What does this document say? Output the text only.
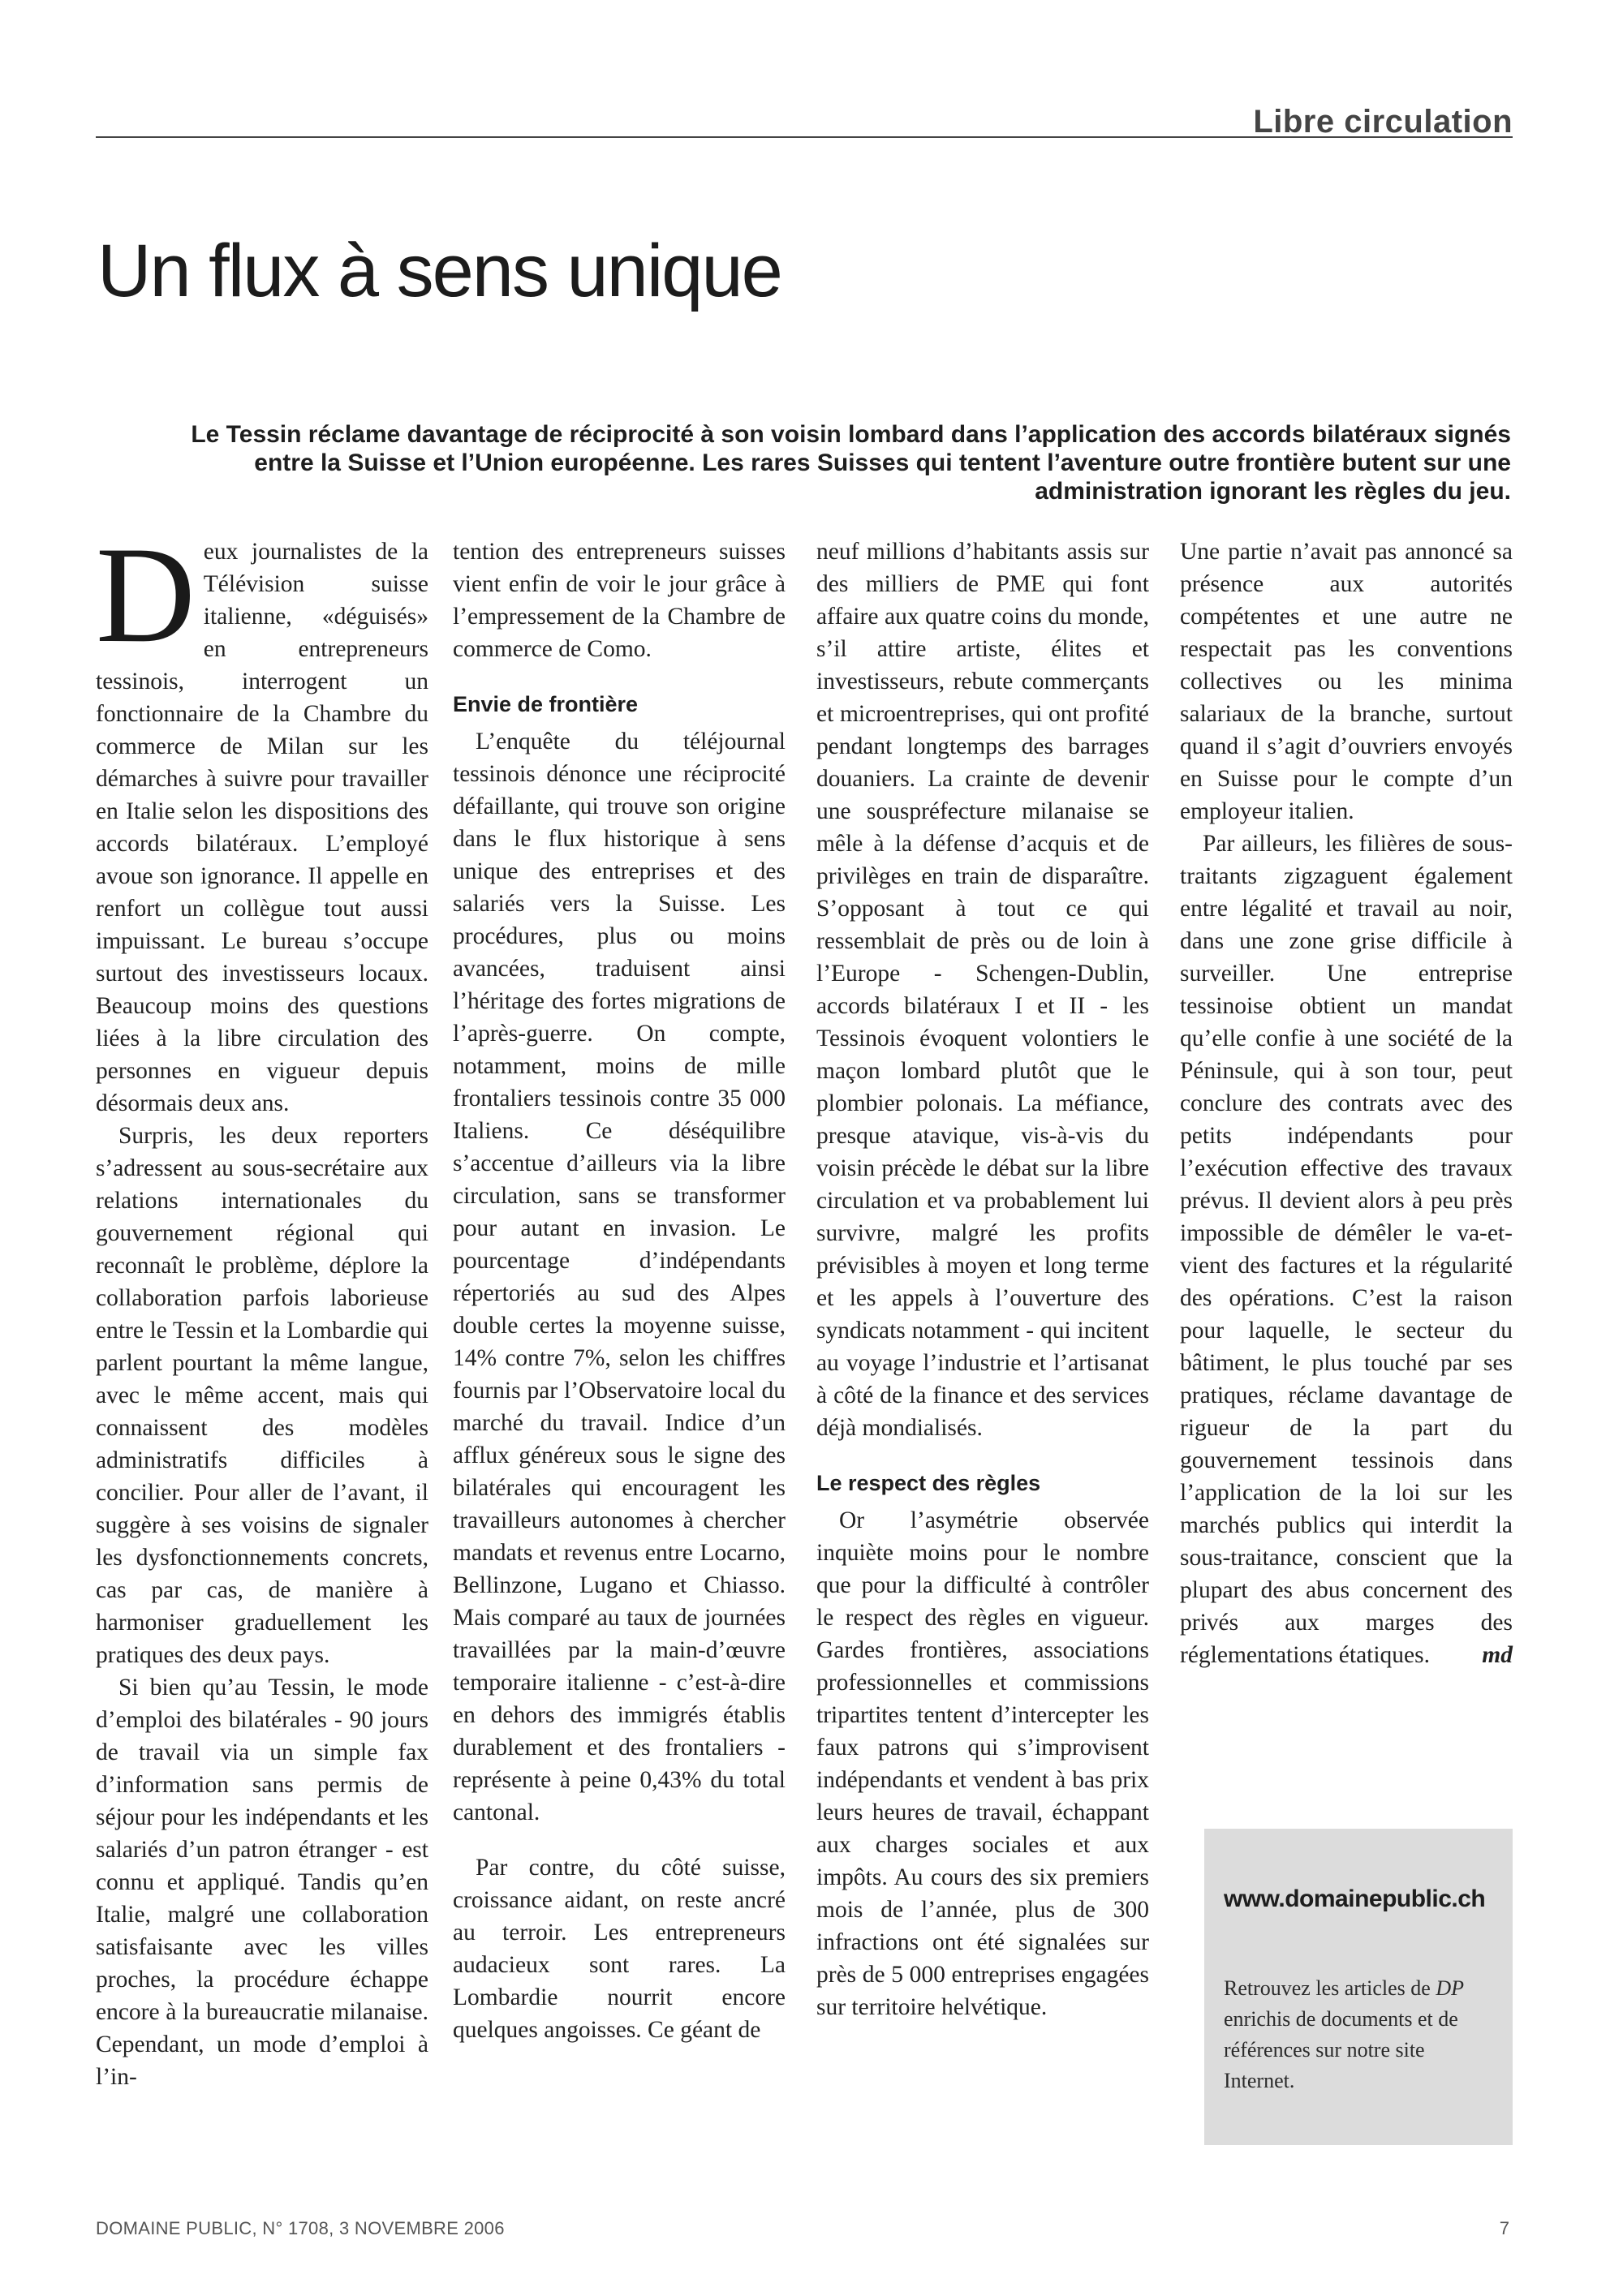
Libre circulation
Un flux à sens unique

Le Tessin réclame davantage de réciprocité à son voisin lombard dans l’application des accords bilatéraux signés entre la Suisse et l’Union européenne. Les rares Suisses qui tentent l’aventure outre frontière butent sur une administration ignorant les règles du jeu.

D eux journalistes de la Télévision suisse italienne, «déguisés» en entrepreneurs tessinois, interrogent un fonctionnaire de la Chambre du commerce de Milan sur les démarches à suivre pour travailler en Italie selon les dispositions des accords bilatéraux. L’employé avoue son ignorance. Il appelle en renfort un collègue tout aussi impuissant. Le bureau s’occupe surtout des investisseurs locaux. Beaucoup moins des questions liées à la libre circulation des personnes en vigueur depuis désormais deux ans.

Surpris, les deux reporters s’adressent au sous-secrétaire aux relations internationales du gouvernement régional qui reconnaît le problème, déplore la collaboration parfois laborieuse entre le Tessin et la Lombardie qui parlent pourtant la même langue, avec le même accent, mais qui connaissent des modèles administratifs difficiles à concilier. Pour aller de l’avant, il suggère à ses voisins de signaler les dysfonctionnements concrets, cas par cas, de manière à harmoniser graduellement les pratiques des deux pays.

Si bien qu’au Tessin, le mode d’emploi des bilatérales - 90 jours de travail via un simple fax d’information sans permis de séjour pour les indépendants et les salariés d’un patron étranger - est connu et appliqué. Tandis qu’en Italie, malgré une collaboration satisfaisante avec les villes proches, la procédure échappe encore à la bureaucratie milanaise. Cependant, un mode d’emploi à l’in-

tention des entrepreneurs suisses vient enfin de voir le jour grâce à l’empressement de la Chambre de commerce de Como.

Envie de frontière

L’enquête du téléjournal tessinois dénonce une réciprocité défaillante, qui trouve son origine dans le flux historique à sens unique des entreprises et des salariés vers la Suisse. Les procédures, plus ou moins avancées, traduisent ainsi l’héritage des fortes migrations de l’après-guerre. On compte, notamment, moins de mille frontaliers tessinois contre 35 000 Italiens. Ce déséquilibre s’accentue d’ailleurs via la libre circulation, sans se transformer pour autant en invasion. Le pourcentage d’indépendants répertoriés au sud des Alpes double certes la moyenne suisse, 14% contre 7%, selon les chiffres fournis par l’Observatoire local du marché du travail. Indice d’un afflux généreux sous le signe des bilatérales qui encouragent les travailleurs autonomes à chercher mandats et revenus entre Locarno, Bellinzone, Lugano et Chiasso. Mais comparé au taux de journées travaillées par la main-d’œuvre temporaire italienne - c’est-à-dire en dehors des immigrés établis durablement et des frontaliers - représente à peine 0,43% du total cantonal.

Par contre, du côté suisse, croissance aidant, on reste ancré au terroir. Les entrepreneurs audacieux sont rares. La Lombardie nourrit encore quelques angoisses. Ce géant de

neuf millions d’habitants assis sur des milliers de PME qui font affaire aux quatre coins du monde, s’il attire artiste, élites et investisseurs, rebute commerçants et microentreprises, qui ont profité pendant longtemps des barrages douaniers. La crainte de devenir une souspréfecture milanaise se mêle à la défense d’acquis et de privilèges en train de disparaître. S’opposant à tout ce qui ressemblait de près ou de loin à l’Europe - Schengen-Dublin, accords bilatéraux I et II - les Tessinois évoquent volontiers le maçon lombard plutôt que le plombier polonais. La méfiance, presque atavique, vis-à-vis du voisin précède le débat sur la libre circulation et va probablement lui survivre, malgré les profits prévisibles à moyen et long terme et les appels à l’ouverture des syndicats notamment - qui incitent au voyage l’industrie et l’artisanat à côté de la finance et des services déjà mondialisés.

Le respect des règles

Or l’asymétrie observée inquiète moins pour le nombre que pour la difficulté à contrôler le respect des règles en vigueur. Gardes frontières, associations professionnelles et commissions tripartites tentent d’intercepter les faux patrons qui s’improvisent indépendants et vendent à bas prix leurs heures de travail, échappant aux charges sociales et aux impôts. Au cours des six premiers mois de l’année, plus de 300 infractions ont été signalées sur près de 5 000 entreprises engagées sur territoire helvétique.

Une partie n’avait pas annoncé sa présence aux autorités compétentes et une autre ne respectait pas les conventions collectives ou les minima salariaux de la branche, surtout quand il s’agit d’ouvriers envoyés en Suisse pour le compte d’un employeur italien.

Par ailleurs, les filières de sous-traitants zigzaguent également entre légalité et travail au noir, dans une zone grise difficile à surveiller. Une entreprise tessinoise obtient un mandat qu’elle confie à une société de la Péninsule, qui à son tour, peut conclure des contrats avec des petits indépendants pour l’exécution effective des travaux prévus. Il devient alors à peu près impossible de démêler le va-et-vient des factures et la régularité des opérations. C’est la raison pour laquelle, le secteur du bâtiment, le plus touché par ses pratiques, réclame davantage de rigueur de la part du gouvernement tessinois dans l’application de la loi sur les marchés publics qui interdit la sous-traitance, conscient que la plupart des abus concernent des privés aux marges des réglementations étatiques.	md

www.domainepublic.ch
Retrouvez les articles de DP enrichis de documents et de références sur notre site Internet.
DOMAINE PUBLIC, N° 1708, 3 NOVEMBRE 2006	7
